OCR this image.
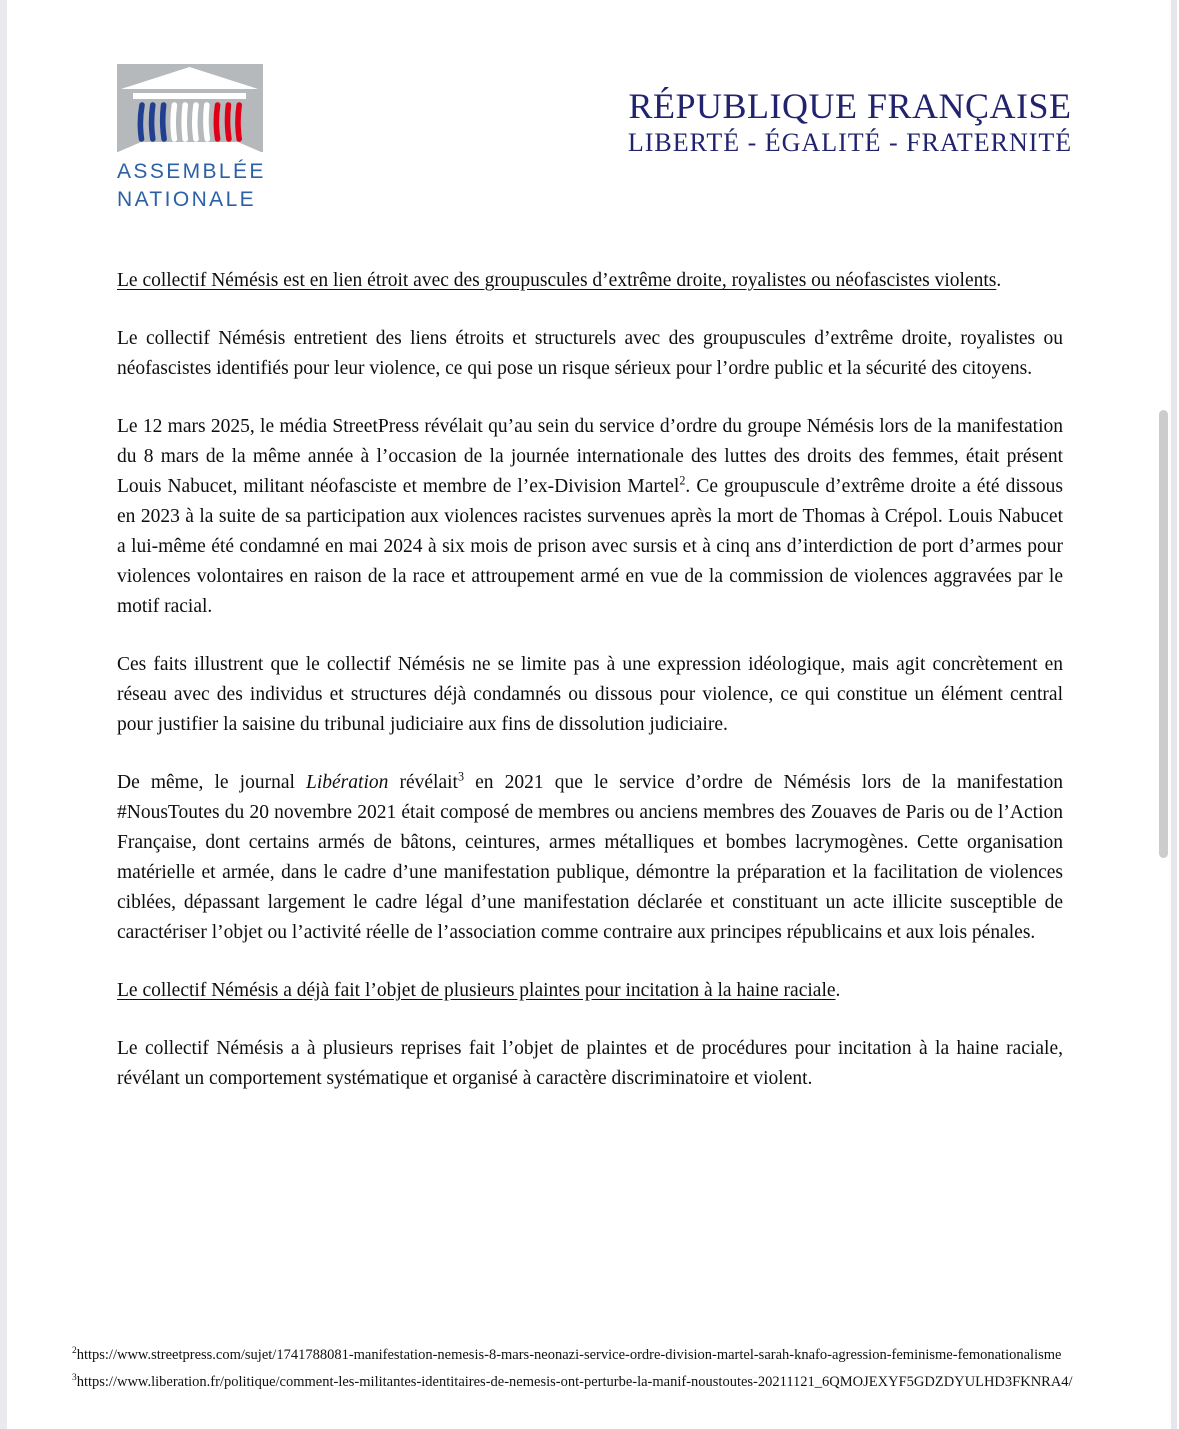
ASSEMBLÉE
NATIONALE
RÉPUBLIQUE FRANÇAISE
LIBERTÉ - ÉGALITÉ - FRATERNITÉ

Le collectif Némésis est en lien étroit avec des groupuscules d’extrême droite, royalistes ou néofascistes violents.

Le collectif Némésis entretient des liens étroits et structurels avec des groupuscules d’extrême droite, royalistes ou néofascistes identifiés pour leur violence, ce qui pose un risque sérieux pour l’ordre public et la sécurité des citoyens.

Le 12 mars 2025, le média StreetPress révélait qu’au sein du service d’ordre du groupe Némésis lors de la manifestation du 8 mars de la même année à l’occasion de la journée internationale des luttes des droits des femmes, était présent Louis Nabucet, militant néofasciste et membre de l’ex-Division Martel$^2$. Ce groupuscule d’extrême droite a été dissous en 2023 à la suite de sa participation aux violences racistes survenues après la mort de Thomas à Crépol. Louis Nabucet a lui-même été condamné en mai 2024 à six mois de prison avec sursis et à cinq ans d’interdiction de port d’armes pour violences volontaires en raison de la race et attroupement armé en vue de la commission de violences aggravées par le motif racial.

Ces faits illustrent que le collectif Némésis ne se limite pas à une expression idéologique, mais agit concrètement en réseau avec des individus et structures déjà condamnés ou dissous pour violence, ce qui constitue un élément central pour justifier la saisine du tribunal judiciaire aux fins de dissolution judiciaire.

De même, le journal Libération révélait$^3$ en 2021 que le service d’ordre de Némésis lors de la manifestation #NousToutes du 20 novembre 2021 était composé de membres ou anciens membres des Zouaves de Paris ou de l’Action Française, dont certains armés de bâtons, ceintures, armes métalliques et bombes lacrymogènes. Cette organisation matérielle et armée, dans le cadre d’une manifestation publique, démontre la préparation et la facilitation de violences ciblées, dépassant largement le cadre légal d’une manifestation déclarée et constituant un acte illicite susceptible de caractériser l’objet ou l’activité réelle de l’association comme contraire aux principes républicains et aux lois pénales.

Le collectif Némésis a déjà fait l’objet de plusieurs plaintes pour incitation à la haine raciale.

Le collectif Némésis a à plusieurs reprises fait l’objet de plaintes et de procédures pour incitation à la haine raciale, révélant un comportement systématique et organisé à caractère discriminatoire et violent.

$^2$https://www.streetpress.com/sujet/1741788081-manifestation-nemesis-8-mars-neonazi-service-ordre-division-martel-sarah-knafo-agression-feminisme-femonationalisme
$^3$https://www.liberation.fr/politique/comment-les-militantes-identitaires-de-nemesis-ont-perturbe-la-manif-noustoutes-20211121_6QMOJEXYF5GDZDYULHD3FKNRA4/
